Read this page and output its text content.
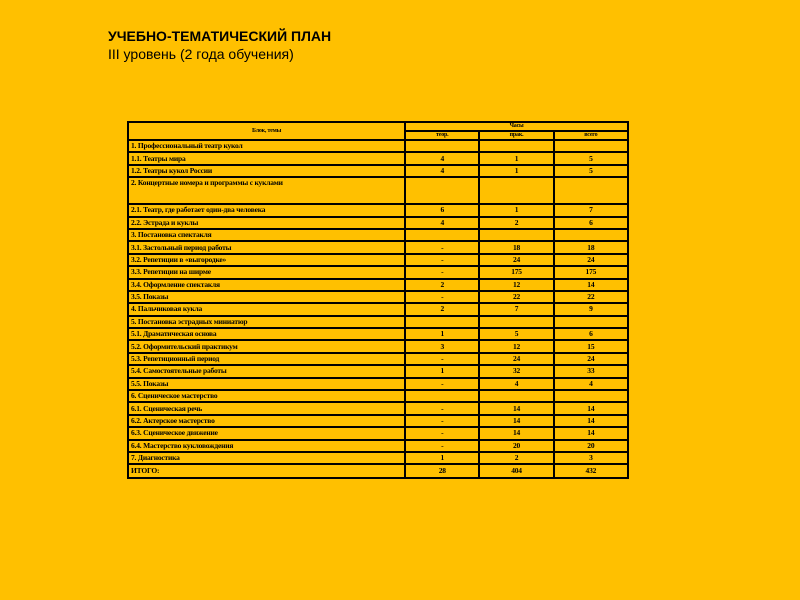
УЧЕБНО-ТЕМАТИЧЕСКИЙ ПЛАН
III уровень (2 года обучения)
Блок, темы	Часы		
	теор.	прак.	всего
1. Профессиональный театр кукол			
1.1. Театры мира	4	1	5
1.2. Театры кукол России	4	1	5
2. Концертные номера и программы с куклами			
2.1. Театр, где работает один-два человека	6	1	7
2.2. Эстрада и куклы	4	2	6
3. Постановка спектакля			
3.1. Застольный период работы	-	18	18
3.2. Репетиции в «выгородке»	-	24	24
3.3. Репетиции на ширме	-	175	175
3.4. Оформление спектакля	2	12	14
3.5. Показы	-	22	22
4. Пальчиковая кукла	2	7	9
5. Постановка эстрадных миниатюр			
5.1. Драматическая основа	1	5	6
5.2. Оформительский практикум	3	12	15
5.3. Репетиционный период	-	24	24
5.4. Самостоятельные работы	1	32	33
5.5. Показы	-	4	4
6. Сценическое мастерство			
6.1. Сценическая речь	-	14	14
6.2. Актерское мастерство	-	14	14
6.3. Сценическое движение	-	14	14
6.4. Мастерство кукловождения	-	20	20
7. Диагностика	1	2	3
ИТОГО:	28	404	432
